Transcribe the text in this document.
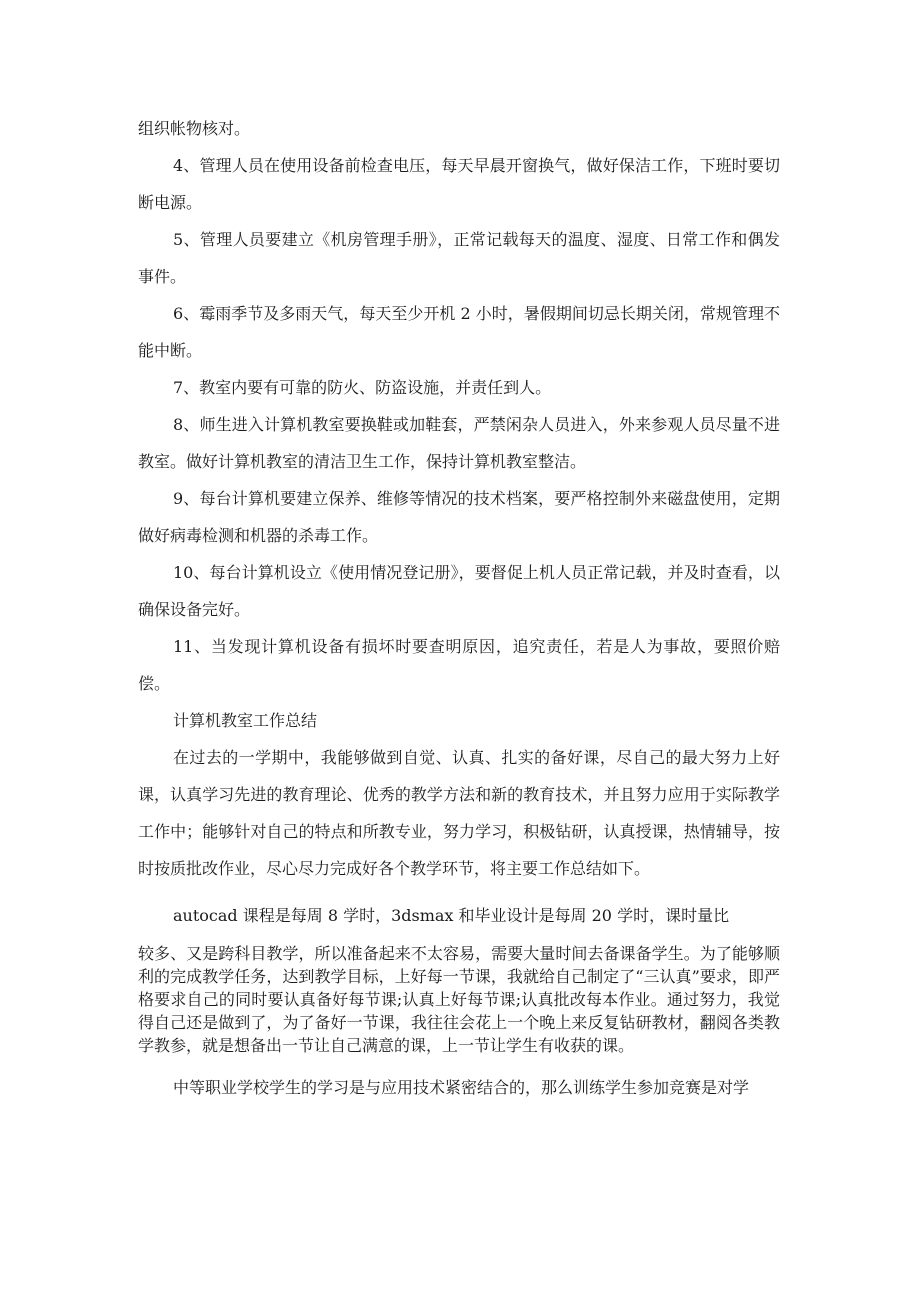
组织帐物核对。

4、管理人员在使用设备前检查电压，每天早晨开窗换气，做好保洁工作，下班时要切断电源。

5、管理人员要建立《机房管理手册》，正常记载每天的温度、湿度、日常工作和偶发事件。

6、霉雨季节及多雨天气，每天至少开机 2 小时，暑假期间切忌长期关闭，常规管理不能中断。

7、教室内要有可靠的防火、防盗设施，并责任到人。

8、师生进入计算机教室要换鞋或加鞋套，严禁闲杂人员进入，外来参观人员尽量不进教室。做好计算机教室的清洁卫生工作，保持计算机教室整洁。

9、每台计算机要建立保养、维修等情况的技术档案，要严格控制外来磁盘使用，定期做好病毒检测和机器的杀毒工作。

10、每台计算机设立《使用情况登记册》，要督促上机人员正常记载，并及时查看，以确保设备完好。

11、当发现计算机设备有损坏时要查明原因，追究责任，若是人为事故，要照价赔偿。

计算机教室工作总结

在过去的一学期中，我能够做到自觉、认真、扎实的备好课，尽自己的最大努力上好课，认真学习先进的教育理论、优秀的教学方法和新的教育技术，并且努力应用于实际教学工作中；能够针对自己的特点和所教专业，努力学习，积极钻研，认真授课，热情辅导，按时按质批改作业，尽心尽力完成好各个教学环节，将主要工作总结如下。

autocad 课程是每周 8 学时，3dsmax 和毕业设计是每周 20 学时，课时量比

较多、又是跨科目教学，所以准备起来不太容易，需要大量时间去备课备学生。为了能够顺利的完成教学任务，达到教学目标，上好每一节课，我就给自己制定了“三认真”要求，即严格要求自己的同时要认真备好每节课;认真上好每节课;认真批改每本作业。通过努力，我觉得自己还是做到了，为了备好一节课，我往往会花上一个晚上来反复钻研教材，翻阅各类教学教参，就是想备出一节让自己满意的课，上一节让学生有收获的课。

中等职业学校学生的学习是与应用技术紧密结合的，那么训练学生参加竞赛是对学
